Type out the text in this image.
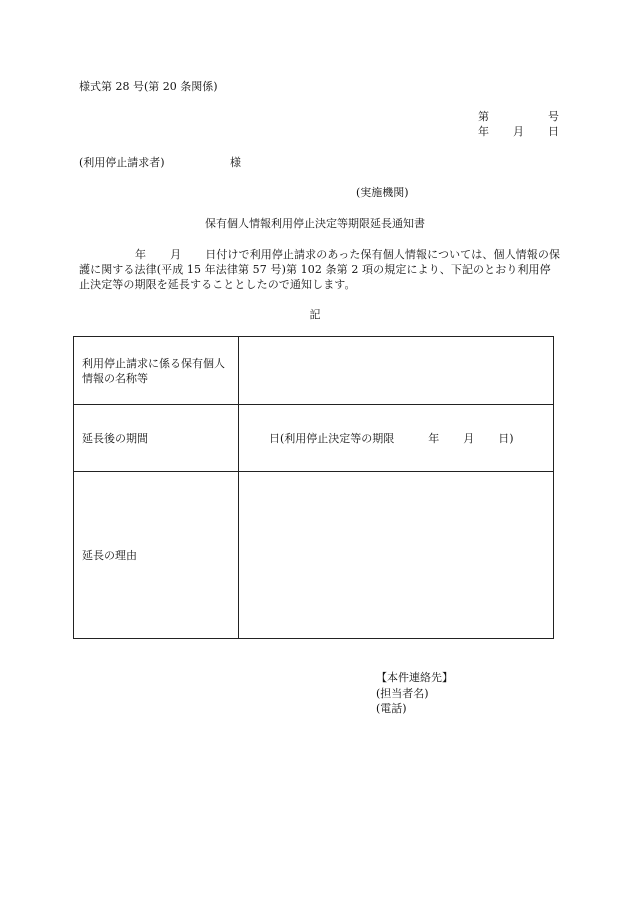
様式第 28 号(第 20 条関係)
第	号
年 月 日
(利用停止請求者)	様
(実施機関)
保有個人情報利用停止決定等期限延長通知書
年 月 日付けで利用停止請求のあった保有個人情報については、個人情報の保護に関する法律(平成 15 年法律第 57 号)第 102 条第 2 項の規定により、下記のとおり利用停止決定等の期限を延長することとしたので通知します。
記
利用停止請求に係る保有個人情報の名称等	
延長後の期間	日(利用停止決定等の期限 年 月 日)
延長の理由	
【本件連絡先】
(担当者名)
(電話)
